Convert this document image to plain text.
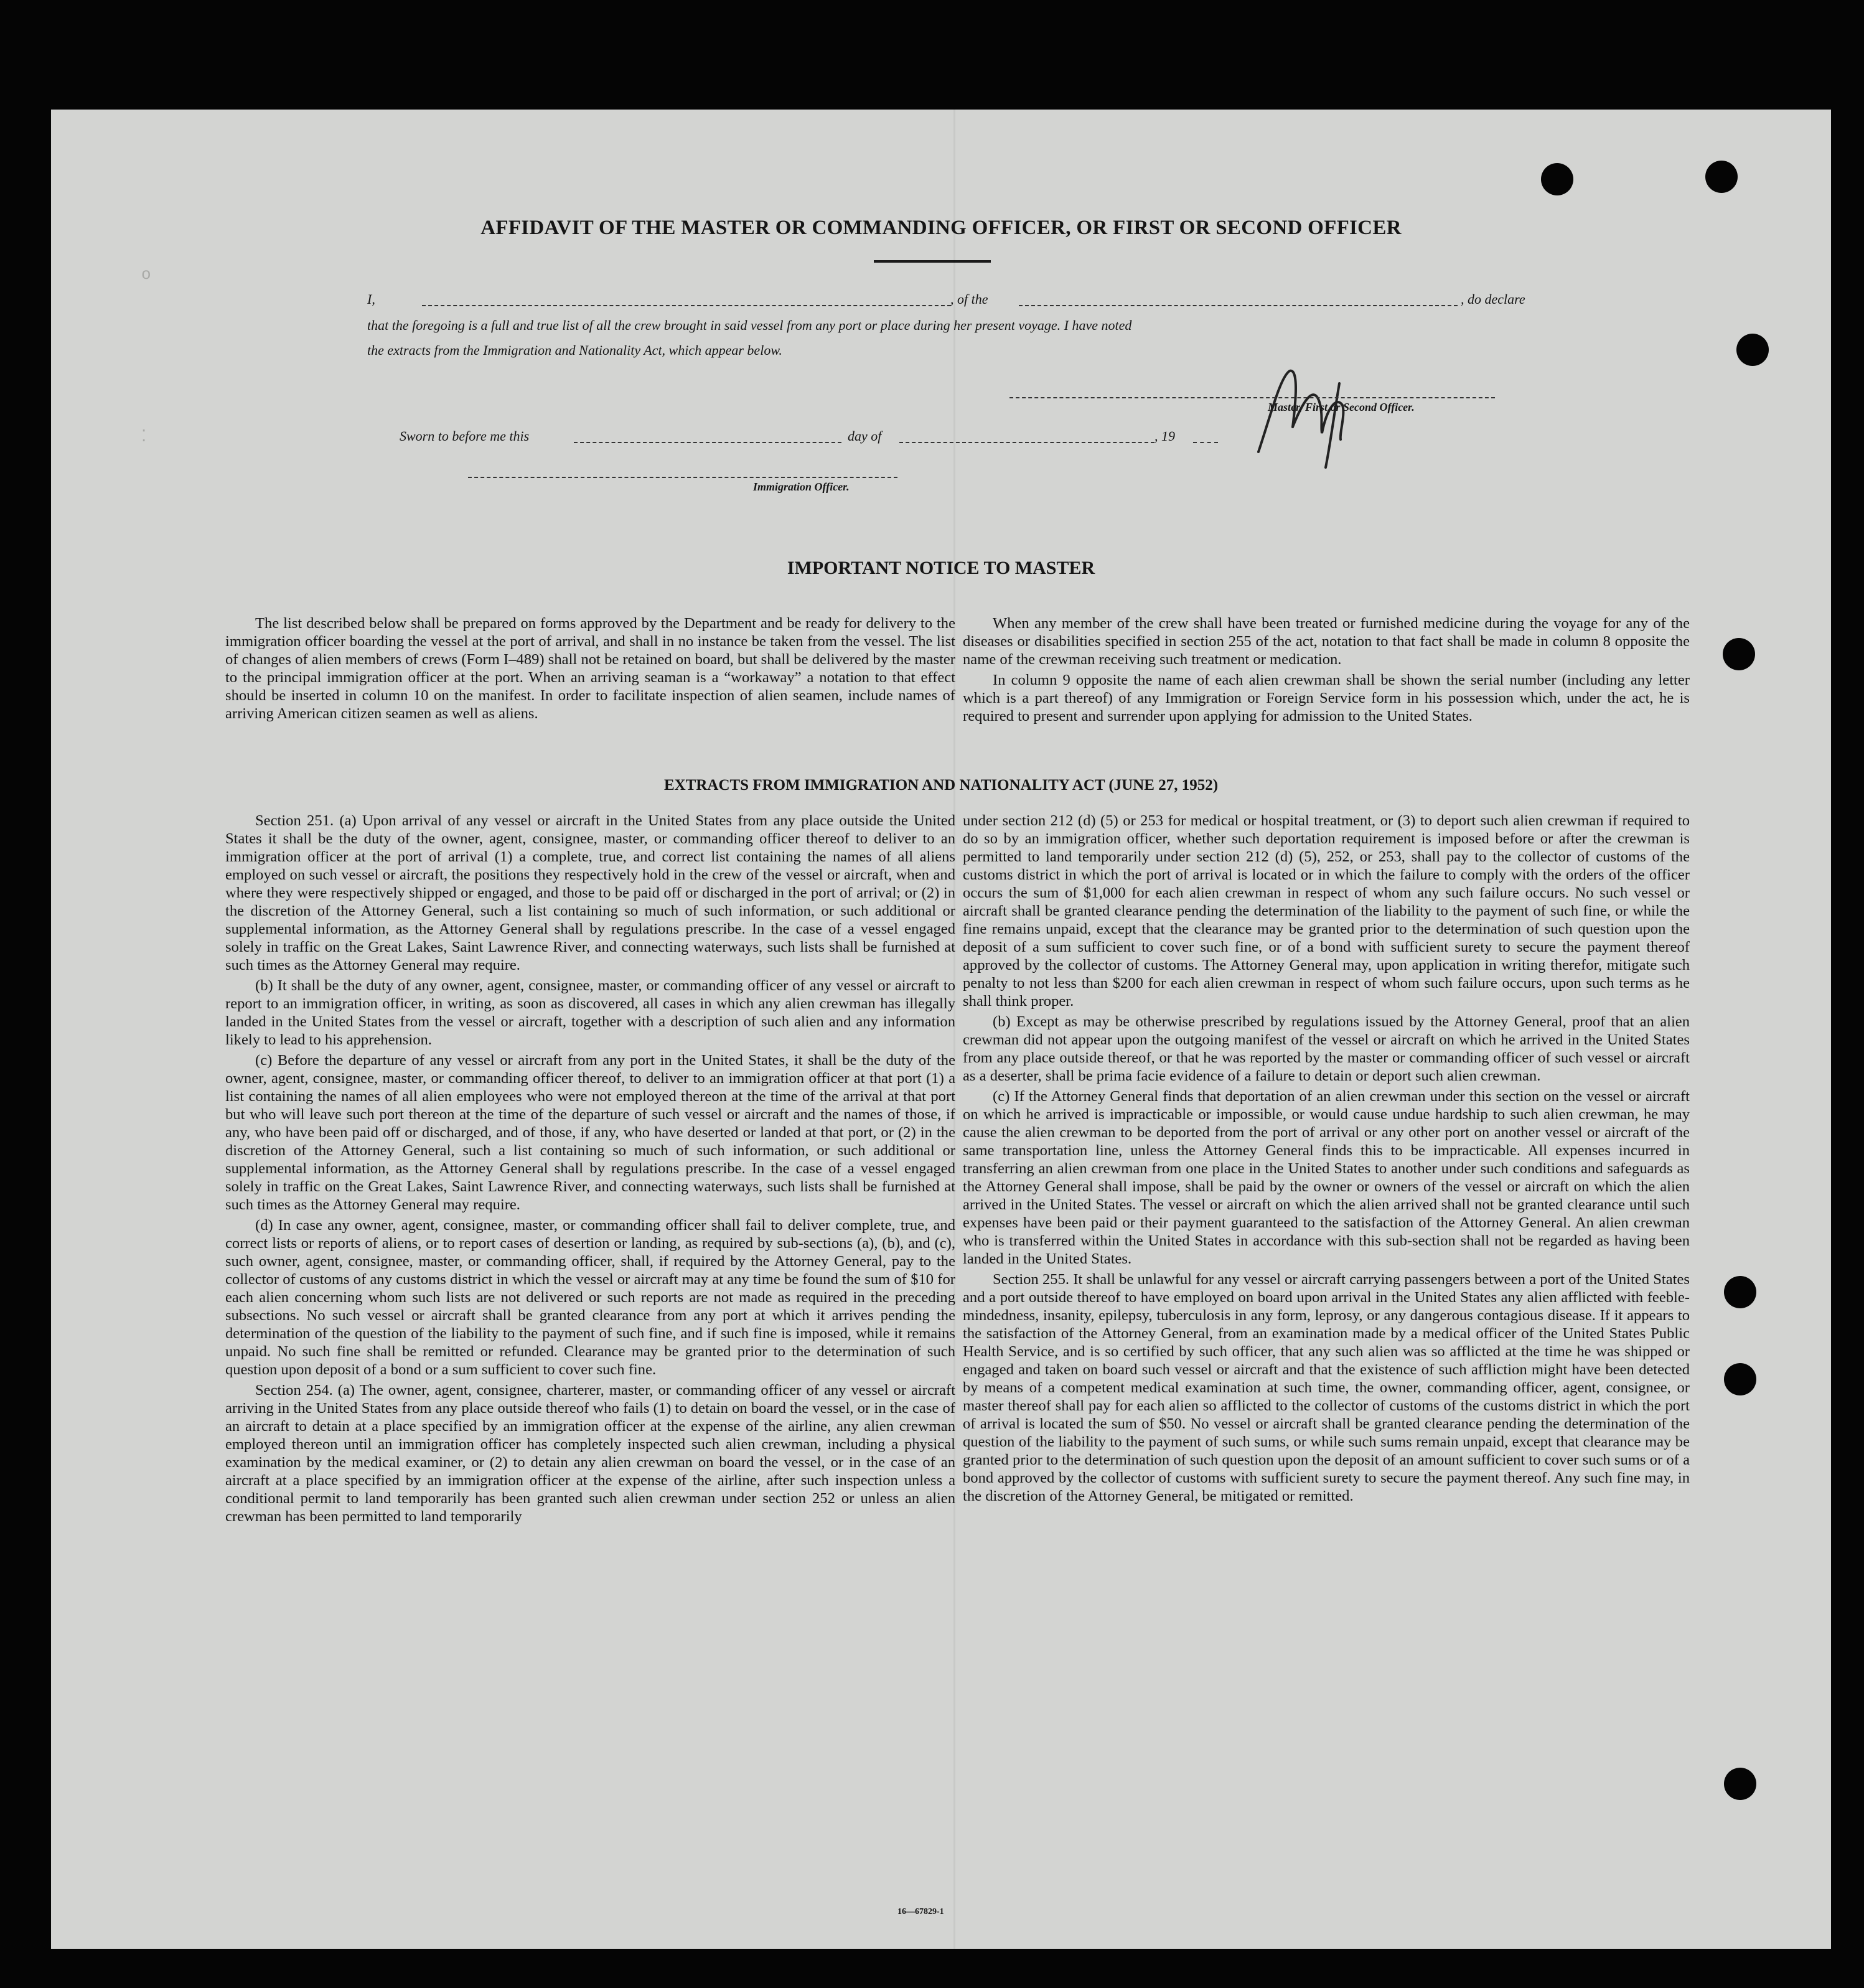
о
⁚
AFFIDAVIT OF THE MASTER OR COMMANDING OFFICER, OR FIRST OR SECOND OFFICER
I,	, of the	, do declare
that the foregoing is a full and true list of all the crew brought in said vessel from any port or place during her present voyage. I have noted
the extracts from the Immigration and Nationality Act, which appear below.
Master, First or Second Officer.
Sworn to before me this	day of	, 19
Immigration Officer.
IMPORTANT NOTICE TO MASTER

The list described below shall be prepared on forms approved by the Department and be ready for delivery to the immigration officer boarding the vessel at the port of arrival, and shall in no instance be taken from the vessel. The list of changes of alien members of crews (Form I–489) shall not be retained on board, but shall be delivered by the master to the principal immigration officer at the port. When an arriving seaman is a “workaway” a notation to that effect should be inserted in column 10 on the manifest. In order to facilitate inspection of alien seamen, include names of arriving American citizen seamen as well as aliens.

When any member of the crew shall have been treated or furnished medicine during the voyage for any of the diseases or disabilities specified in section 255 of the act, notation to that fact shall be made in column 8 opposite the name of the crewman receiving such treatment or medication.

In column 9 opposite the name of each alien crewman shall be shown the serial number (including any letter which is a part thereof) of any Immigration or Foreign Service form in his possession which, under the act, he is required to present and surrender upon applying for admission to the United States.

EXTRACTS FROM IMMIGRATION AND NATIONALITY ACT (JUNE 27, 1952)

Section 251. (a) Upon arrival of any vessel or aircraft in the United States from any place outside the United States it shall be the duty of the owner, agent, consignee, master, or commanding officer thereof to deliver to an immigration officer at the port of arrival (1) a complete, true, and correct list containing the names of all aliens employed on such vessel or aircraft, the positions they respectively hold in the crew of the vessel or aircraft, when and where they were respectively shipped or engaged, and those to be paid off or discharged in the port of arrival; or (2) in the discretion of the Attorney General, such a list containing so much of such information, or such additional or supplemental information, as the Attorney General shall by regulations prescribe. In the case of a vessel engaged solely in traffic on the Great Lakes, Saint Lawrence River, and connecting waterways, such lists shall be furnished at such times as the Attorney General may require.

(b) It shall be the duty of any owner, agent, consignee, master, or commanding officer of any vessel or aircraft to report to an immigration officer, in writing, as soon as discovered, all cases in which any alien crewman has illegally landed in the United States from the vessel or aircraft, together with a description of such alien and any information likely to lead to his apprehension.

(c) Before the departure of any vessel or aircraft from any port in the United States, it shall be the duty of the owner, agent, consignee, master, or commanding officer thereof, to deliver to an immigration officer at that port (1) a list containing the names of all alien employees who were not employed thereon at the time of the arrival at that port but who will leave such port thereon at the time of the departure of such vessel or aircraft and the names of those, if any, who have been paid off or discharged, and of those, if any, who have deserted or landed at that port, or (2) in the discretion of the Attorney General, such a list containing so much of such information, or such additional or supplemental information, as the Attorney General shall by regulations prescribe. In the case of a vessel engaged solely in traffic on the Great Lakes, Saint Lawrence River, and connecting waterways, such lists shall be furnished at such times as the Attorney General may require.

(d) In case any owner, agent, consignee, master, or commanding officer shall fail to deliver complete, true, and correct lists or reports of aliens, or to report cases of desertion or landing, as required by sub-sections (a), (b), and (c), such owner, agent, consignee, master, or commanding officer, shall, if required by the Attorney General, pay to the collector of customs of any customs district in which the vessel or aircraft may at any time be found the sum of $10 for each alien concerning whom such lists are not delivered or such reports are not made as required in the preceding subsections. No such vessel or aircraft shall be granted clearance from any port at which it arrives pending the determination of the question of the liability to the payment of such fine, and if such fine is imposed, while it remains unpaid. No such fine shall be remitted or refunded. Clearance may be granted prior to the determination of such question upon deposit of a bond or a sum sufficient to cover such fine.

Section 254. (a) The owner, agent, consignee, charterer, master, or commanding officer of any vessel or aircraft arriving in the United States from any place outside thereof who fails (1) to detain on board the vessel, or in the case of an aircraft to detain at a place specified by an immigration officer at the expense of the airline, any alien crewman employed thereon until an immigration officer has completely inspected such alien crewman, including a physical examination by the medical examiner, or (2) to detain any alien crewman on board the vessel, or in the case of an aircraft at a place specified by an immigration officer at the expense of the airline, after such inspection unless a conditional permit to land temporarily has been granted such alien crewman under section 252 or unless an alien crewman has been permitted to land temporarily

under section 212 (d) (5) or 253 for medical or hospital treatment, or (3) to deport such alien crewman if required to do so by an immigration officer, whether such deportation requirement is imposed before or after the crewman is permitted to land temporarily under section 212 (d) (5), 252, or 253, shall pay to the collector of customs of the customs district in which the port of arrival is located or in which the failure to comply with the orders of the officer occurs the sum of $1,000 for each alien crewman in respect of whom any such failure occurs. No such vessel or aircraft shall be granted clearance pending the determination of the liability to the payment of such fine, or while the fine remains unpaid, except that the clearance may be granted prior to the determination of such question upon the deposit of a sum sufficient to cover such fine, or of a bond with sufficient surety to secure the payment thereof approved by the collector of customs. The Attorney General may, upon application in writing therefor, mitigate such penalty to not less than $200 for each alien crewman in respect of whom such failure occurs, upon such terms as he shall think proper.

(b) Except as may be otherwise prescribed by regulations issued by the Attorney General, proof that an alien crewman did not appear upon the outgoing manifest of the vessel or aircraft on which he arrived in the United States from any place outside thereof, or that he was reported by the master or commanding officer of such vessel or aircraft as a deserter, shall be prima facie evidence of a failure to detain or deport such alien crewman.

(c) If the Attorney General finds that deportation of an alien crewman under this section on the vessel or aircraft on which he arrived is impracticable or impossible, or would cause undue hardship to such alien crewman, he may cause the alien crewman to be deported from the port of arrival or any other port on another vessel or aircraft of the same transportation line, unless the Attorney General finds this to be impracticable. All expenses incurred in transferring an alien crewman from one place in the United States to another under such conditions and safeguards as the Attorney General shall impose, shall be paid by the owner or owners of the vessel or aircraft on which the alien arrived in the United States. The vessel or aircraft on which the alien arrived shall not be granted clearance until such expenses have been paid or their payment guaranteed to the satisfaction of the Attorney General. An alien crewman who is transferred within the United States in accordance with this sub-section shall not be regarded as having been landed in the United States.

Section 255. It shall be unlawful for any vessel or aircraft carrying passengers between a port of the United States and a port outside thereof to have employed on board upon arrival in the United States any alien afflicted with feeble-mindedness, insanity, epilepsy, tuberculosis in any form, leprosy, or any dangerous contagious disease. If it appears to the satisfaction of the Attorney General, from an examination made by a medical officer of the United States Public Health Service, and is so certified by such officer, that any such alien was so afflicted at the time he was shipped or engaged and taken on board such vessel or aircraft and that the existence of such affliction might have been detected by means of a competent medical examination at such time, the owner, commanding officer, agent, consignee, or master thereof shall pay for each alien so afflicted to the collector of customs of the customs district in which the port of arrival is located the sum of $50. No vessel or aircraft shall be granted clearance pending the determination of the question of the liability to the payment of such sums, or while such sums remain unpaid, except that clearance may be granted prior to the determination of such question upon the deposit of an amount sufficient to cover such sums or of a bond approved by the collector of customs with sufficient surety to secure the payment thereof. Any such fine may, in the discretion of the Attorney General, be mitigated or remitted.

16—67829-1
